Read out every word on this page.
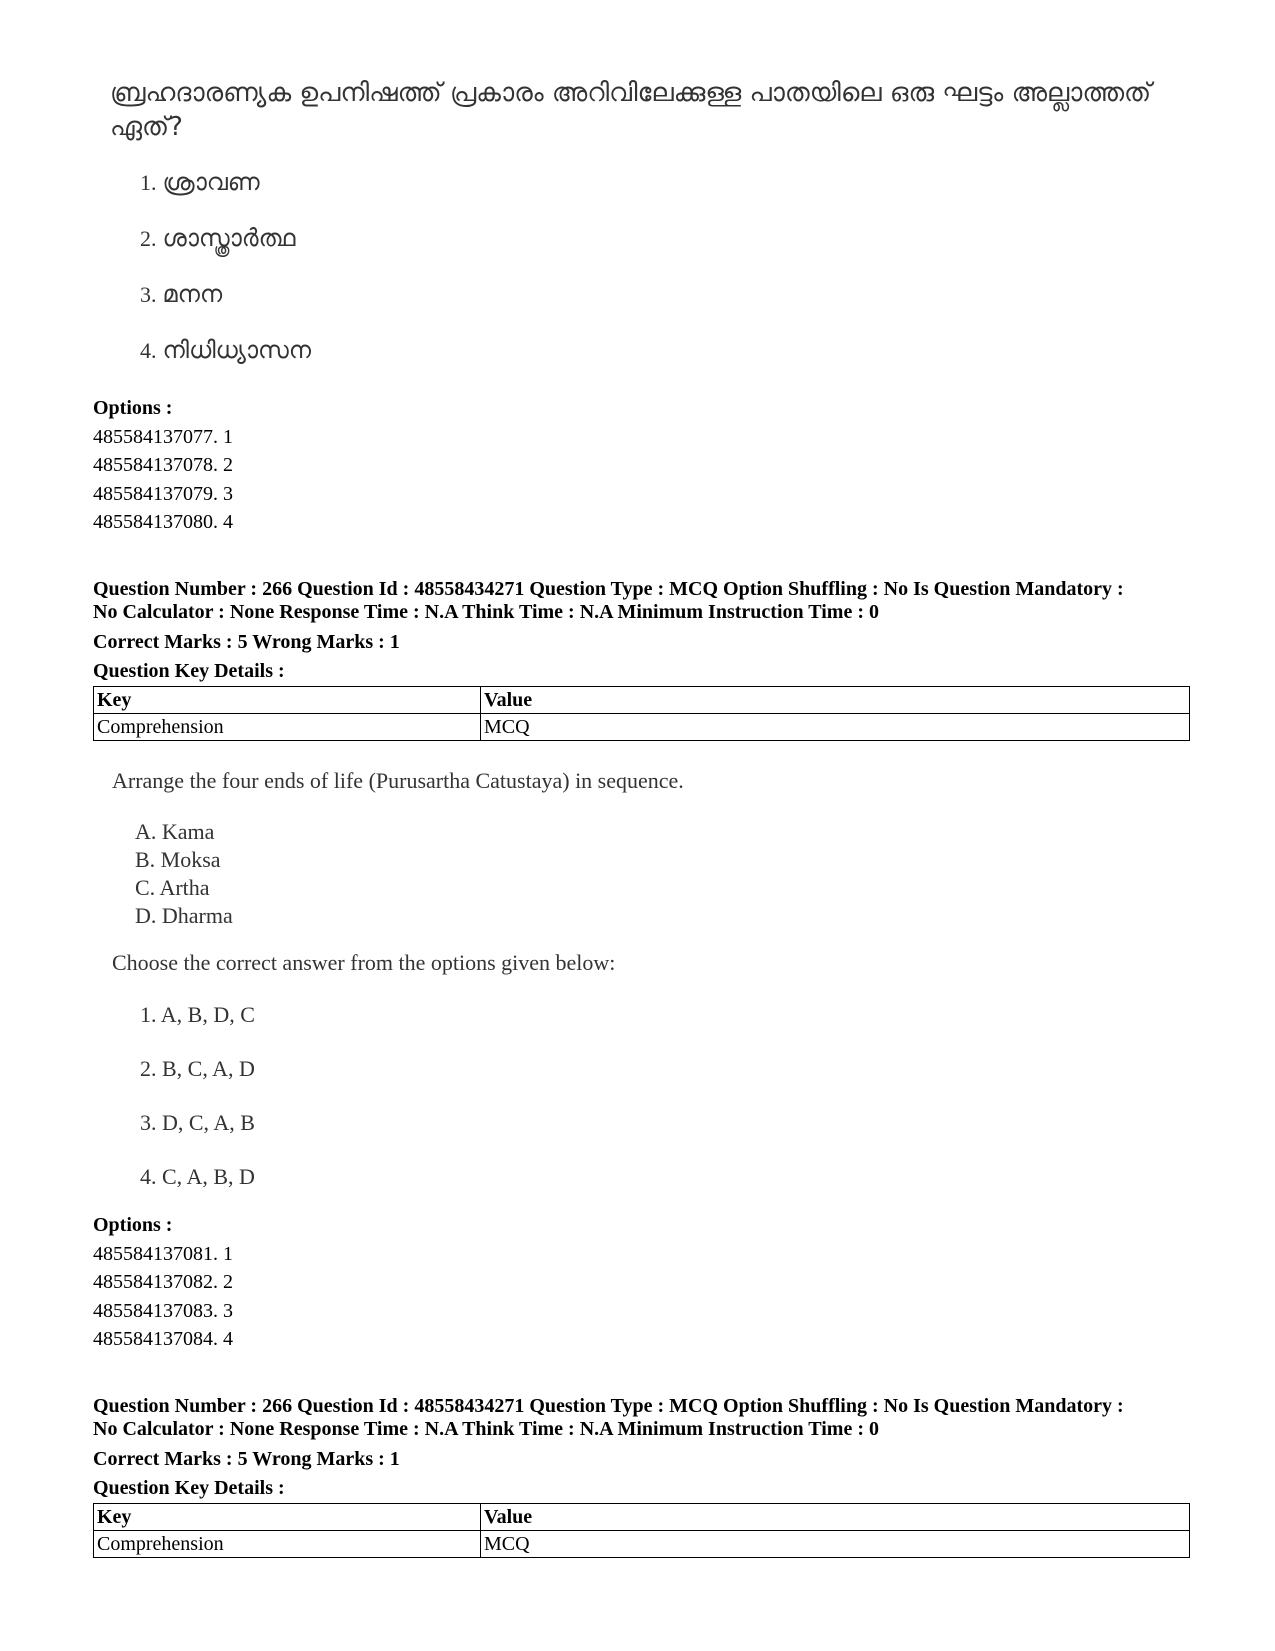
ബ്രഹദാരണ്യക ഉപനിഷത്ത് പ്രകാരം അറിവിലേക്കുള്ള പാതയിലെ ഒരു ഘട്ടം അല്ലാത്തത് ഏത്?
1. ശ്രാവണ
2. ശാസ്ത്രാർത്ഥ
3. മനന
4. നിധിധ്യാസന
Options :
485584137077. 1
485584137078. 2
485584137079. 3
485584137080. 4
Question Number : 266 Question Id : 48558434271 Question Type : MCQ Option Shuffling : No Is Question Mandatory :
No Calculator : None Response Time : N.A Think Time : N.A Minimum Instruction Time : 0
Correct Marks : 5 Wrong Marks : 1
Question Key Details :
Key	Value
Comprehension	MCQ
Arrange the four ends of life (Purusartha Catustaya) in sequence.
A. Kama
B. Moksa
C. Artha
D. Dharma
Choose the correct answer from the options given below:
1. A, B, D, C
2. B, C, A, D
3. D, C, A, B
4. C, A, B, D
Options :
485584137081. 1
485584137082. 2
485584137083. 3
485584137084. 4
Question Number : 266 Question Id : 48558434271 Question Type : MCQ Option Shuffling : No Is Question Mandatory :
No Calculator : None Response Time : N.A Think Time : N.A Minimum Instruction Time : 0
Correct Marks : 5 Wrong Marks : 1
Question Key Details :
Key	Value
Comprehension	MCQ
